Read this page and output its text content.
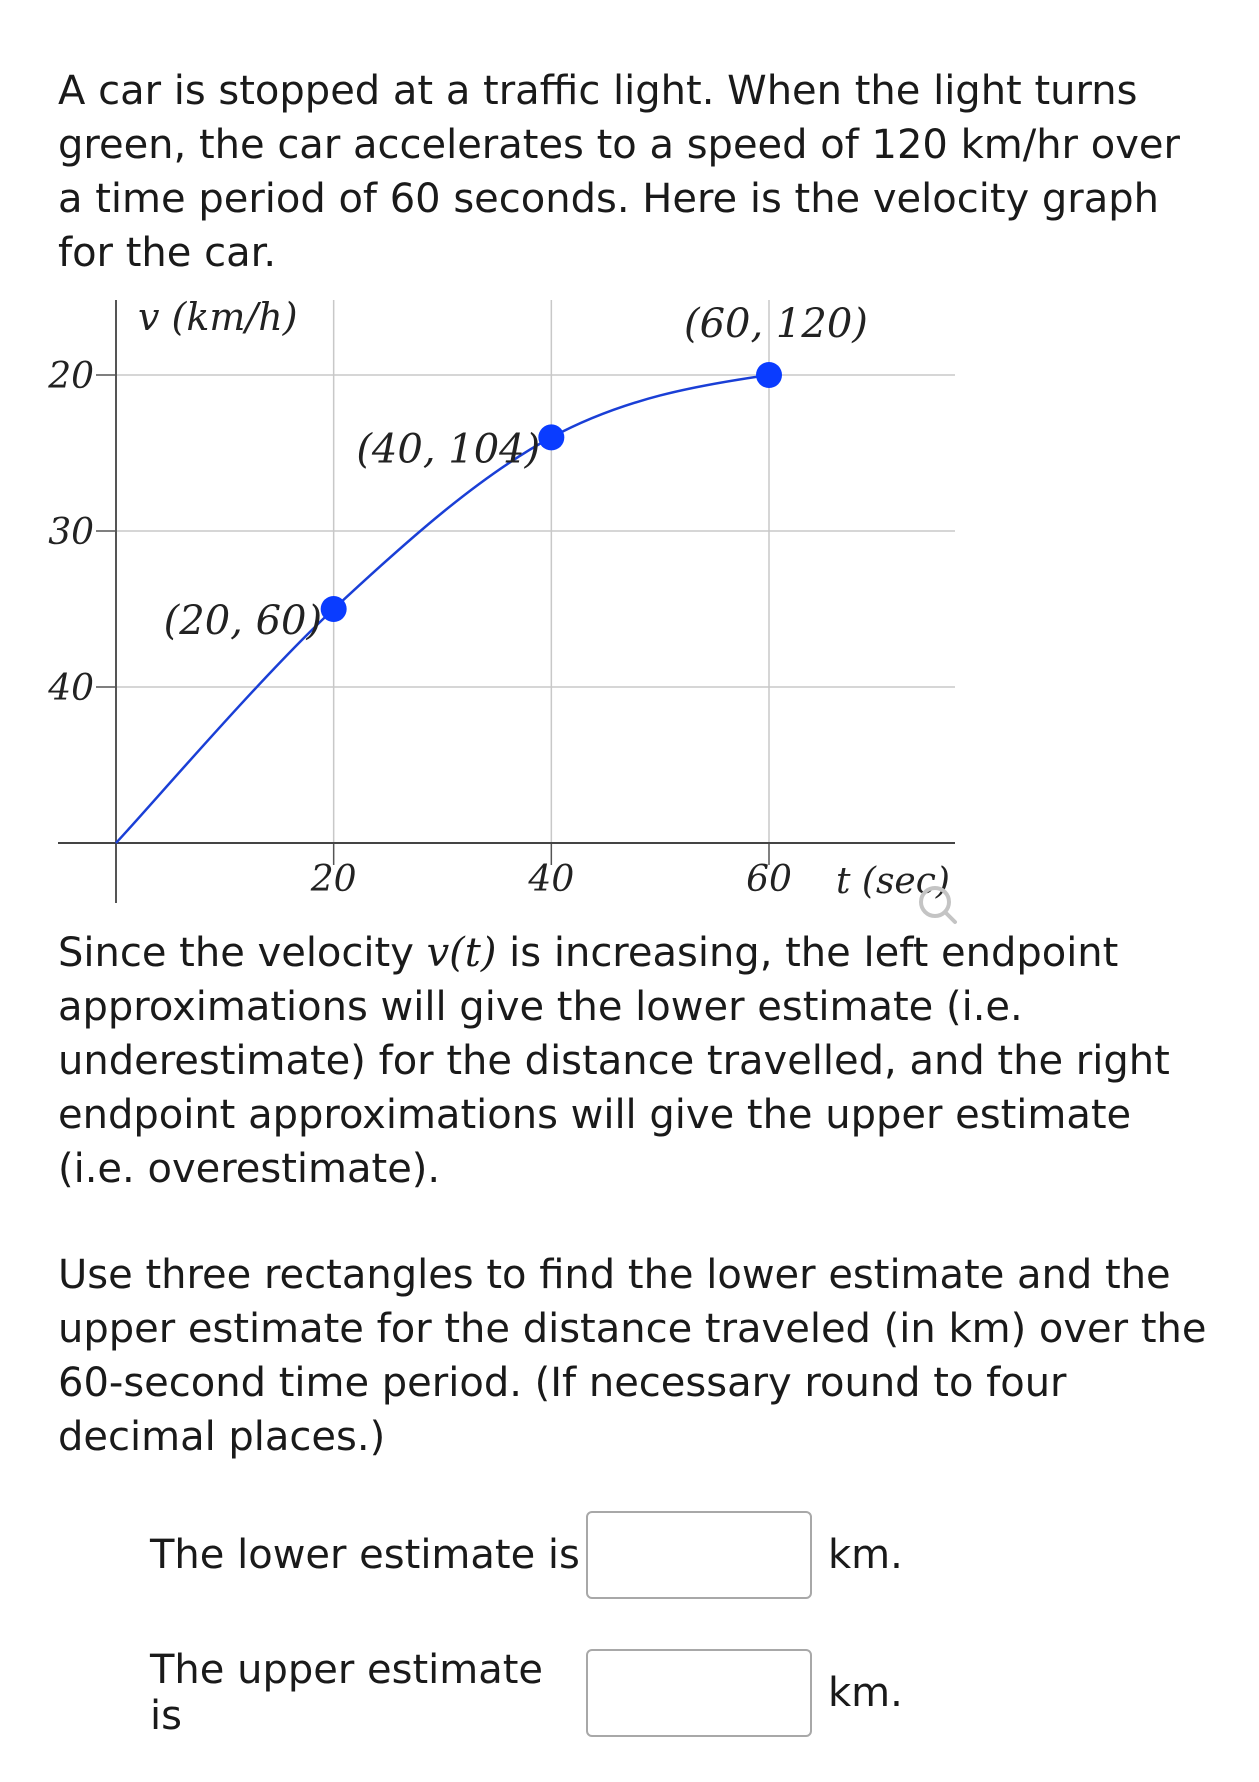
A car is stopped at a traffic light. When the light turns green, the car accelerates to a speed of 120 km/hr over a time period of 60 seconds. Here is the velocity graph for the car.

20	40	60
40
30
20
v (km/h)
t (sec)
(20, 60)
(40, 104)
(60, 120)

Since the velocity v(t) is increasing, the left endpoint approximations will give the lower estimate (i.e. underestimate) for the distance travelled, and the right endpoint approximations will give the upper estimate (i.e. overestimate).

Use three rectangles to find the lower estimate and the upper estimate for the distance traveled (in km) over the 60-second time period. (If necessary round to four decimal places.)

The lower estimate is	km.
The upper estimate is	km.
